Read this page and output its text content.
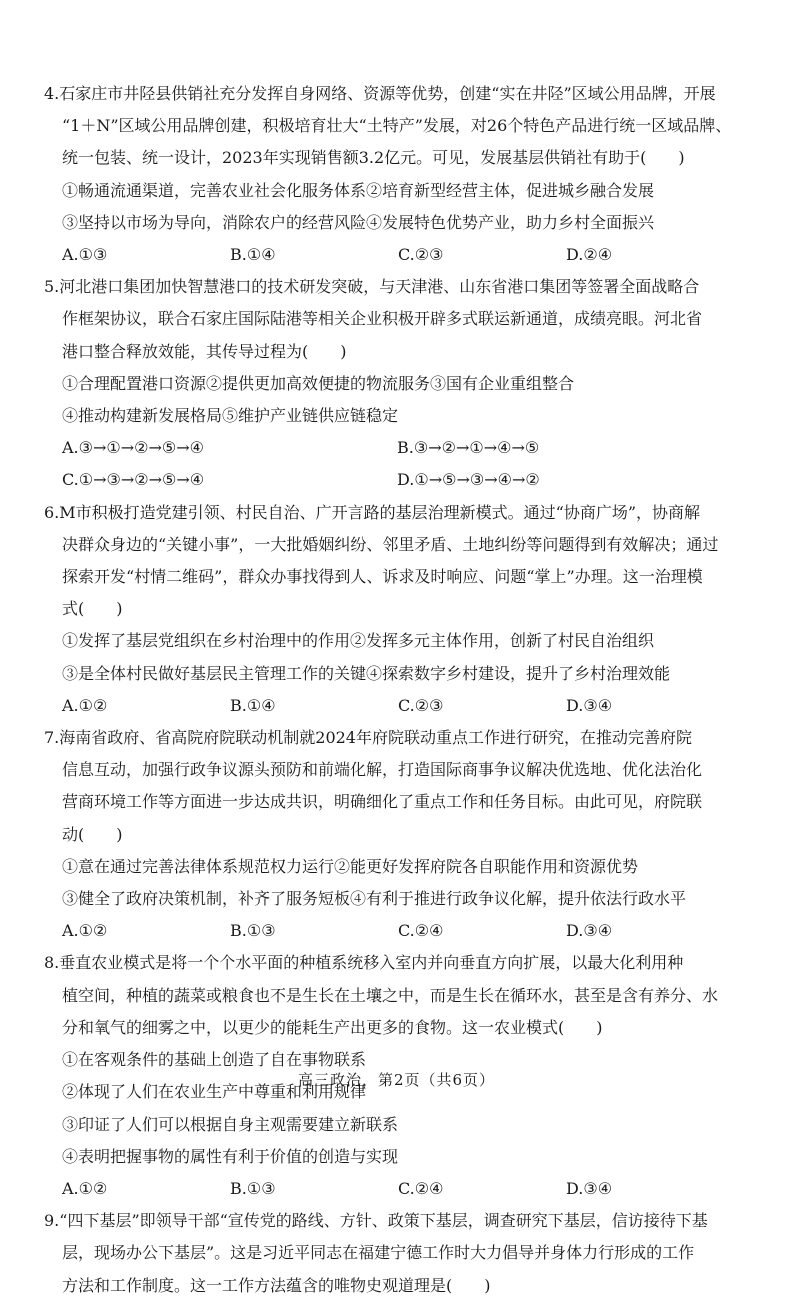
4.石家庄市井陉县供销社充分发挥自身网络、资源等优势，创建“实在井陉”区域公用品牌，开展
“1＋N”区域公用品牌创建，积极培育壮大“土特产”发展，对26个特色产品进行统一区域品牌、
统一包装、统一设计，2023年实现销售额3.2亿元。可见，发展基层供销社有助于(　　)
①畅通流通渠道，完善农业社会化服务体系②培育新型经营主体，促进城乡融合发展
③坚持以市场为导向，消除农户的经营风险④发展特色优势产业，助力乡村全面振兴
A.①③	B.①④	C.②③	D.②④
5.河北港口集团加快智慧港口的技术研发突破，与天津港、山东省港口集团等签署全面战略合
作框架协议，联合石家庄国际陆港等相关企业积极开辟多式联运新通道，成绩亮眼。河北省
港口整合释放效能，其传导过程为(　　)
①合理配置港口资源②提供更加高效便捷的物流服务③国有企业重组整合
④推动构建新发展格局⑤维护产业链供应链稳定
A.③→①→②→⑤→④	B.③→②→①→④→⑤
C.①→③→②→⑤→④	D.①→⑤→③→④→②
6.M市积极打造党建引领、村民自治、广开言路的基层治理新模式。通过“协商广场”，协商解
决群众身边的“关键小事”，一大批婚姻纠纷、邻里矛盾、土地纠纷等问题得到有效解决；通过
探索开发“村情二维码”，群众办事找得到人、诉求及时响应、问题“掌上”办理。这一治理模
式(　　)
①发挥了基层党组织在乡村治理中的作用②发挥多元主体作用，创新了村民自治组织
③是全体村民做好基层民主管理工作的关键④探索数字乡村建设，提升了乡村治理效能
A.①②	B.①④	C.②③	D.③④
7.海南省政府、省高院府院联动机制就2024年府院联动重点工作进行研究，在推动完善府院
信息互动，加强行政争议源头预防和前端化解，打造国际商事争议解决优选地、优化法治化
营商环境工作等方面进一步达成共识，明确细化了重点工作和任务目标。由此可见，府院联
动(　　)
①意在通过完善法律体系规范权力运行②能更好发挥府院各自职能作用和资源优势
③健全了政府决策机制，补齐了服务短板④有利于推进行政争议化解，提升依法行政水平
A.①②	B.①③	C.②④	D.③④
8.垂直农业模式是将一个个水平面的种植系统移入室内并向垂直方向扩展，以最大化利用种
植空间，种植的蔬菜或粮食也不是生长在土壤之中，而是生长在循环水，甚至是含有养分、水
分和氧气的细雾之中，以更少的能耗生产出更多的食物。这一农业模式(　　)
①在客观条件的基础上创造了自在事物联系
②体现了人们在农业生产中尊重和利用规律
③印证了人们可以根据自身主观需要建立新联系
④表明把握事物的属性有利于价值的创造与实现
A.①②	B.①③	C.②④	D.③④
9.“四下基层”即领导干部“宣传党的路线、方针、政策下基层，调查研究下基层，信访接待下基
层，现场办公下基层”。这是习近平同志在福建宁德工作时大力倡导并身体力行形成的工作
方法和工作制度。这一工作方法蕴含的唯物史观道理是(　　)
高三政治，第2页（共6页）
